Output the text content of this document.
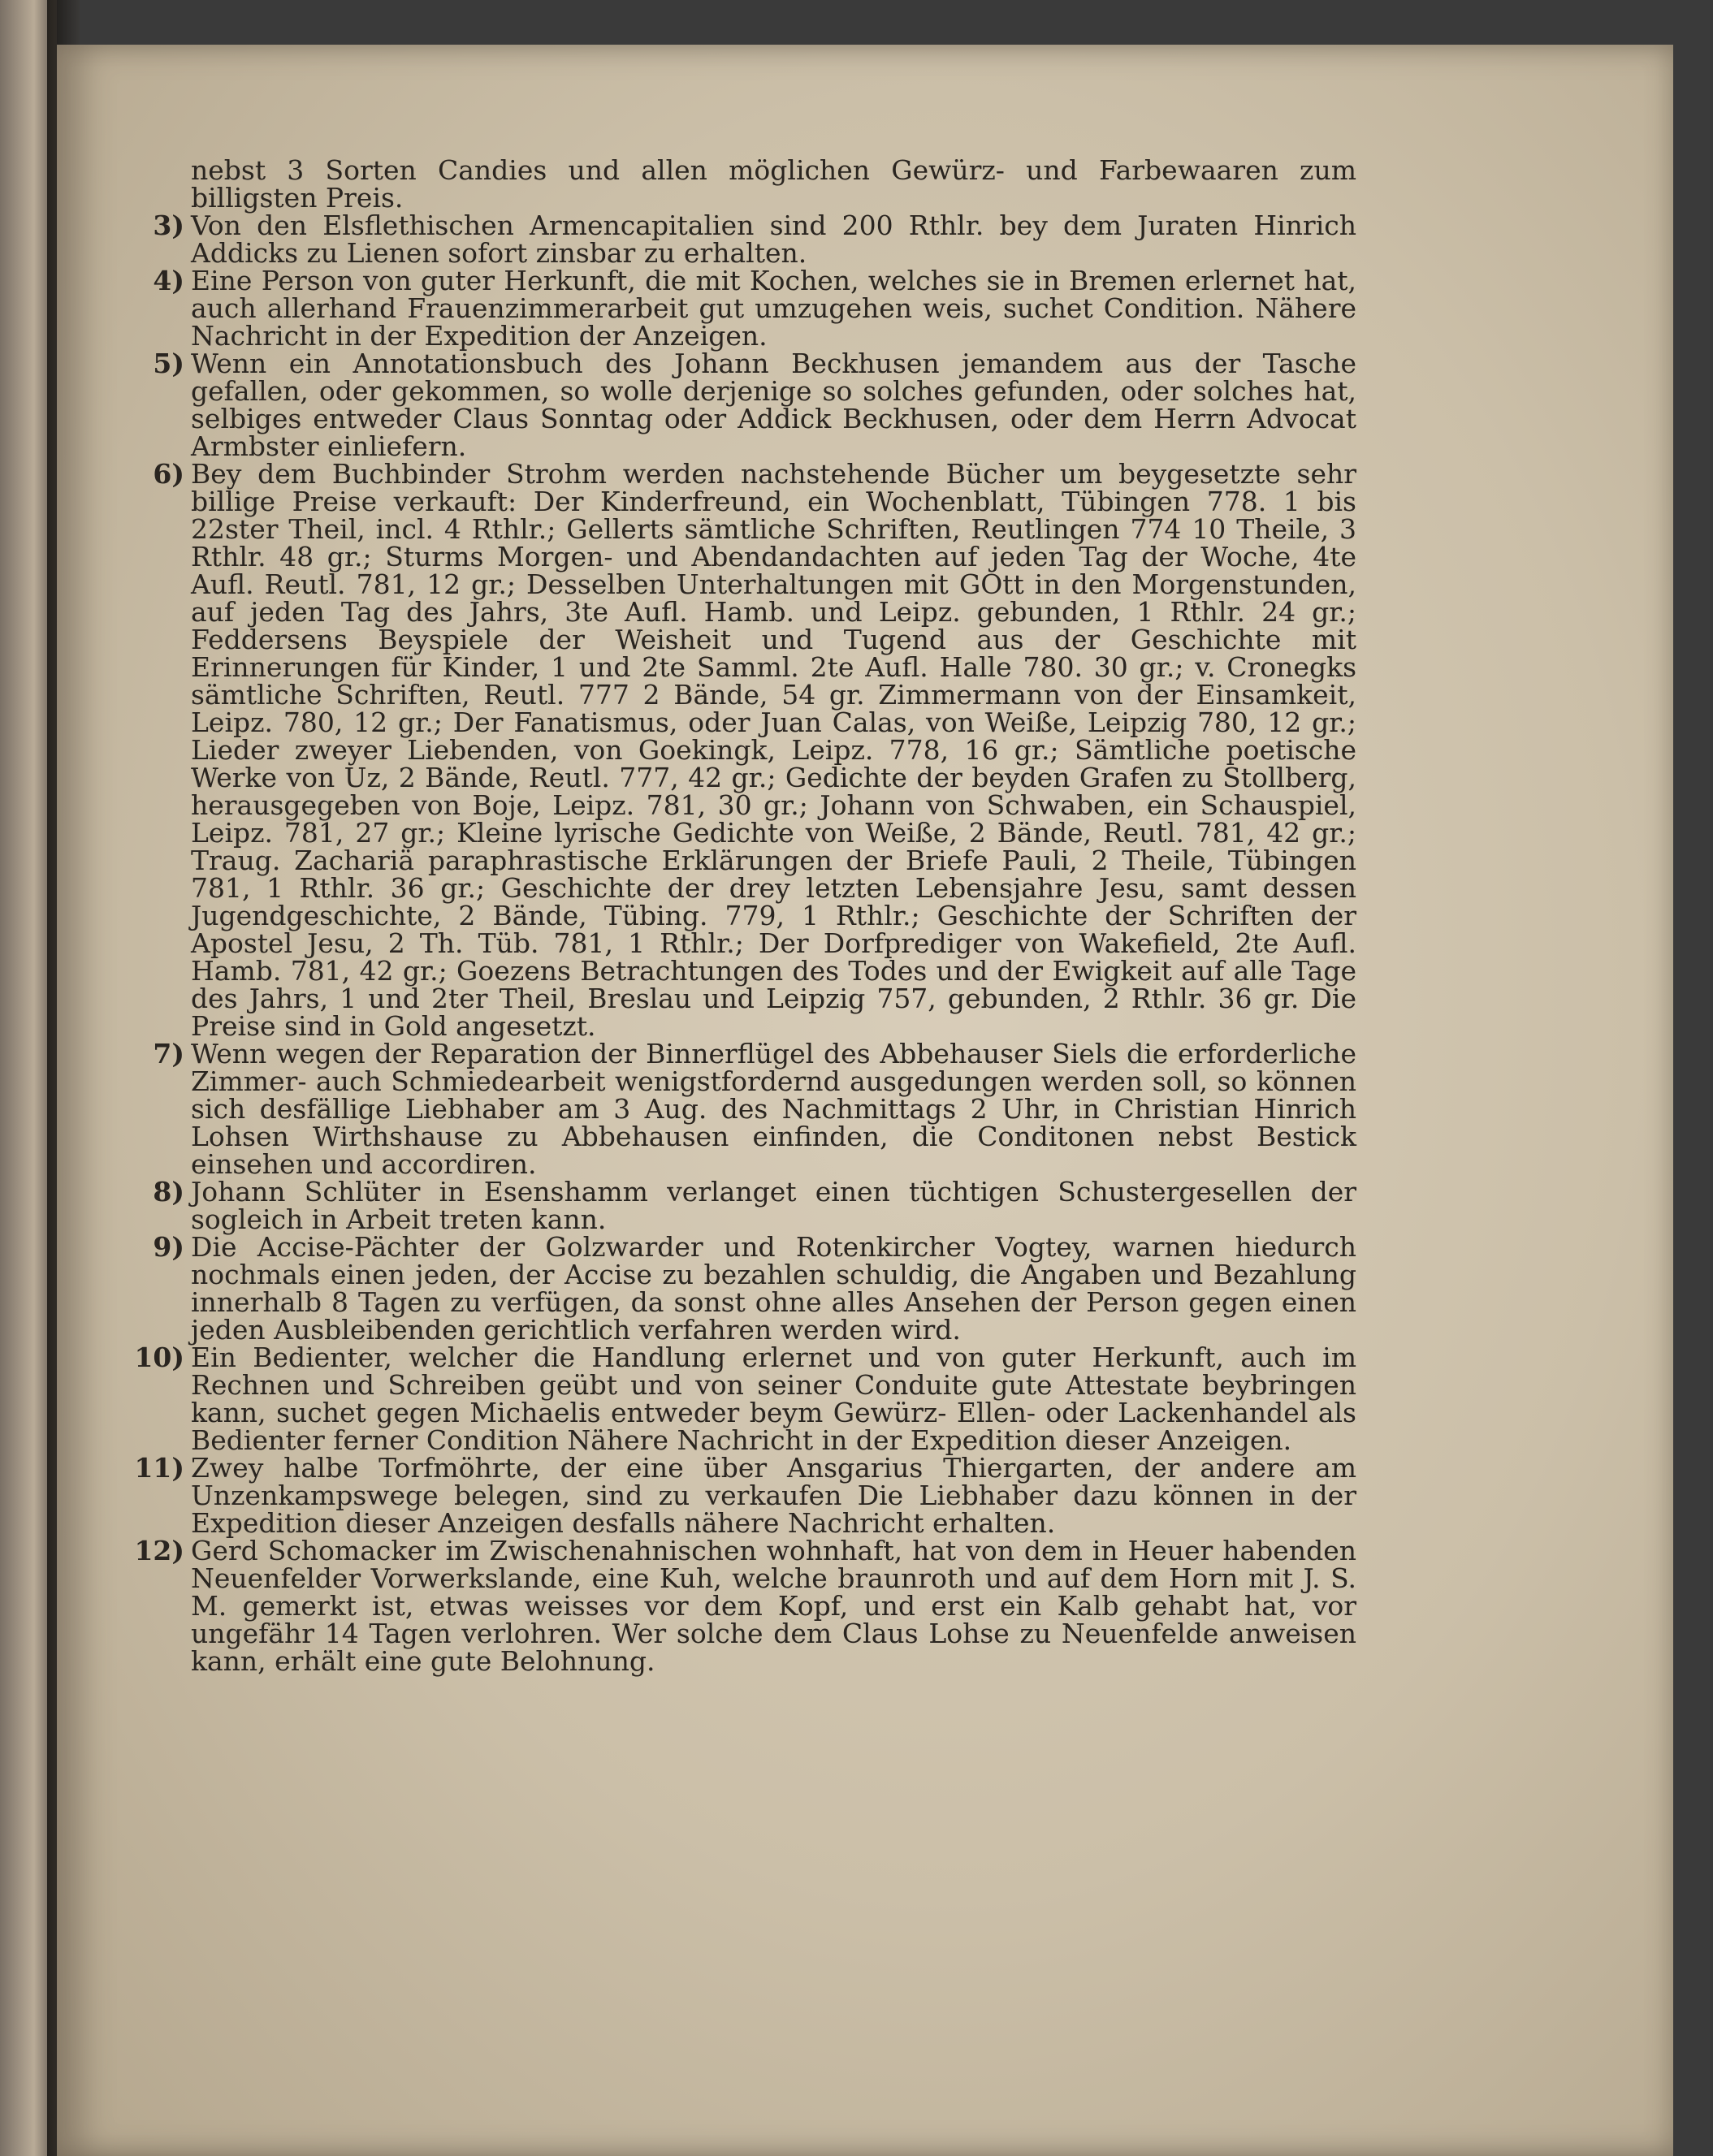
nebst 3 Sorten Candies und allen möglichen Gewürz- und Farbewaaren zum billigsten Preis.

3) Von den Elsflethischen Armencapitalien sind 200 Rthlr. bey dem Juraten Hinrich Addicks zu Lienen sofort zinsbar zu erhalten.

4) Eine Person von guter Herkunft, die mit Kochen, welches sie in Bremen erlernet hat, auch allerhand Frauenzimmerarbeit gut umzugehen weis, suchet Condition. Nähere Nachricht in der Expedition der Anzeigen.

5) Wenn ein Annotationsbuch des Johann Beckhusen jemandem aus der Tasche gefallen, oder gekommen, so wolle derjenige so solches gefunden, oder solches hat, selbiges entweder Claus Sonntag oder Addick Beckhusen, oder dem Herrn Advocat Armbster einliefern.

6) Bey dem Buchbinder Strohm werden nachstehende Bücher um beygesetzte sehr billige Preise verkauft: Der Kinderfreund, ein Wochenblatt, Tübingen 778. 1 bis 22ster Theil, incl. 4 Rthlr.; Gellerts sämtliche Schriften, Reutlingen 774 10 Theile, 3 Rthlr. 48 gr.; Sturms Morgen- und Abendandachten auf jeden Tag der Woche, 4te Aufl. Reutl. 781, 12 gr.; Desselben Unterhaltungen mit GOtt in den Morgenstunden, auf jeden Tag des Jahrs, 3te Aufl. Hamb. und Leipz. gebunden, 1 Rthlr. 24 gr.; Feddersens Beyspiele der Weisheit und Tugend aus der Geschichte mit Erinnerungen für Kinder, 1 und 2te Samml. 2te Aufl. Halle 780. 30 gr.; v. Cronegks sämtliche Schriften, Reutl. 777 2 Bände, 54 gr. Zimmermann von der Einsamkeit, Leipz. 780, 12 gr.; Der Fanatismus, oder Juan Calas, von Weiße, Leipzig 780, 12 gr.; Lieder zweyer Liebenden, von Goekingk, Leipz. 778, 16 gr.; Sämtliche poetische Werke von Uz, 2 Bände, Reutl. 777, 42 gr.; Gedichte der beyden Grafen zu Stollberg, herausgegeben von Boje, Leipz. 781, 30 gr.; Johann von Schwaben, ein Schauspiel, Leipz. 781, 27 gr.; Kleine lyrische Gedichte von Weiße, 2 Bände, Reutl. 781, 42 gr.; Traug. Zachariä paraphrastische Erklärungen der Briefe Pauli, 2 Theile, Tübingen 781, 1 Rthlr. 36 gr.; Geschichte der drey letzten Lebensjahre Jesu, samt dessen Jugendgeschichte, 2 Bände, Tübing. 779, 1 Rthlr.; Geschichte der Schriften der Apostel Jesu, 2 Th. Tüb. 781, 1 Rthlr.; Der Dorfprediger von Wakefield, 2te Aufl. Hamb. 781, 42 gr.; Goezens Betrachtungen des Todes und der Ewigkeit auf alle Tage des Jahrs, 1 und 2ter Theil, Breslau und Leipzig 757, gebunden, 2 Rthlr. 36 gr. Die Preise sind in Gold angesetzt.

7) Wenn wegen der Reparation der Binnerflügel des Abbehauser Siels die erforderliche Zimmer- auch Schmiedearbeit wenigstfordernd ausgedungen werden soll, so können sich desfällige Liebhaber am 3 Aug. des Nachmittags 2 Uhr, in Christian Hinrich Lohsen Wirthshause zu Abbehausen einfinden, die Conditonen nebst Bestick einsehen und accordiren.

8) Johann Schlüter in Esenshamm verlanget einen tüchtigen Schustergesellen der sogleich in Arbeit treten kann.

9) Die Accise-Pächter der Golzwarder und Rotenkircher Vogtey, warnen hiedurch nochmals einen jeden, der Accise zu bezahlen schuldig, die Angaben und Bezahlung innerhalb 8 Tagen zu verfügen, da sonst ohne alles Ansehen der Person gegen einen jeden Ausbleibenden gerichtlich verfahren werden wird.

10) Ein Bedienter, welcher die Handlung erlernet und von guter Herkunft, auch im Rechnen und Schreiben geübt und von seiner Conduite gute Attestate beybringen kann, suchet gegen Michaelis entweder beym Gewürz- Ellen- oder Lackenhandel als Bedienter ferner Condition Nähere Nachricht in der Expedition dieser Anzeigen.

11) Zwey halbe Torfmöhrte, der eine über Ansgarius Thiergarten, der andere am Unzenkampswege belegen, sind zu verkaufen Die Liebhaber dazu können in der Expedition dieser Anzeigen desfalls nähere Nachricht erhalten.

12) Gerd Schomacker im Zwischenahnischen wohnhaft, hat von dem in Heuer habenden Neuenfelder Vorwerkslande, eine Kuh, welche braunroth und auf dem Horn mit J. S. M. gemerkt ist, etwas weisses vor dem Kopf, und erst ein Kalb gehabt hat, vor ungefähr 14 Tagen verlohren. Wer solche dem Claus Lohse zu Neuenfelde anweisen kann, erhält eine gute Belohnung.
